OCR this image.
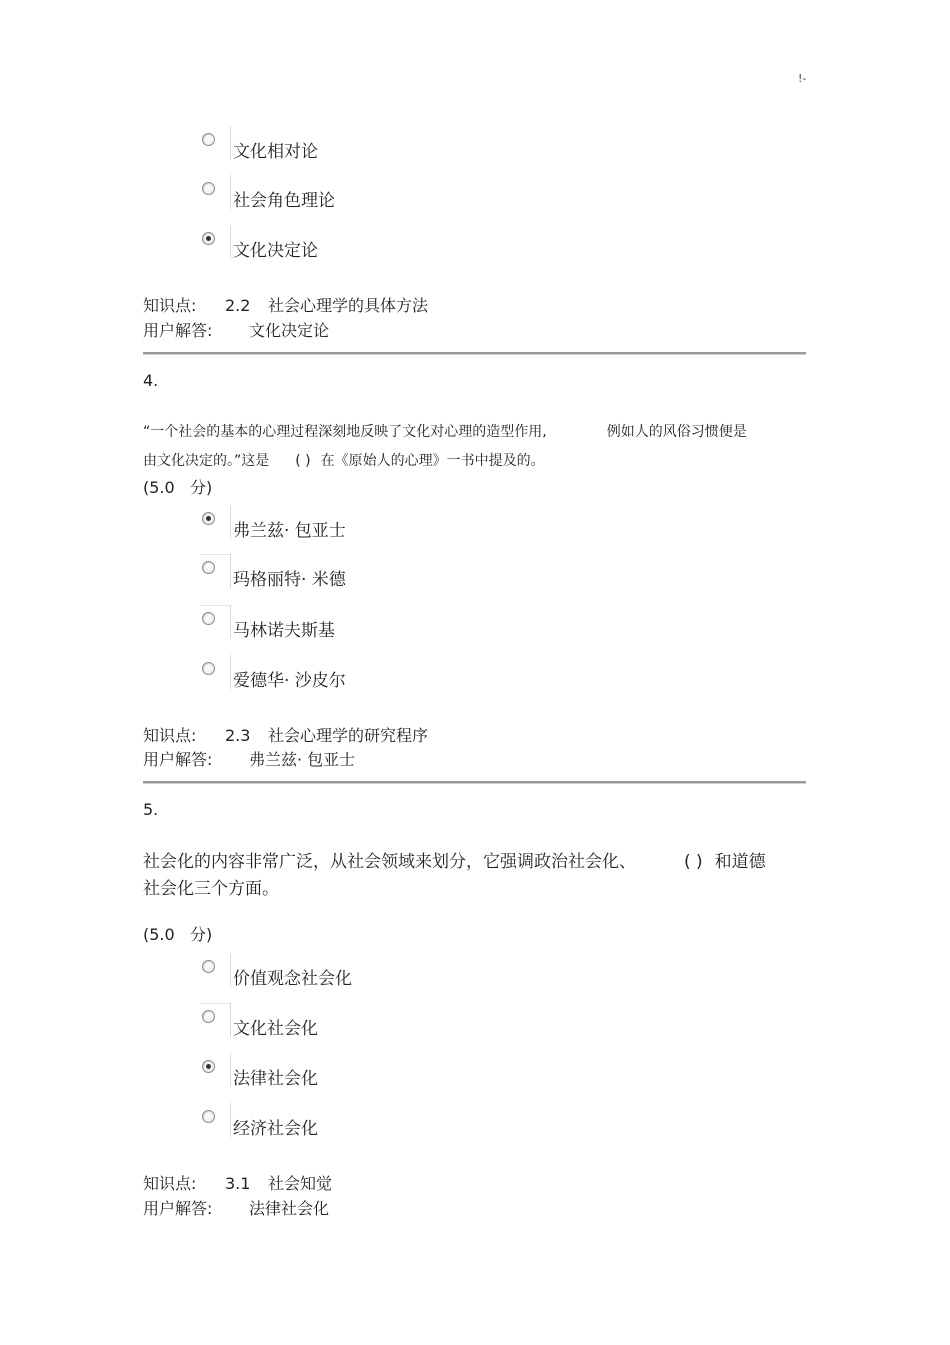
!-
文化相对论
社会角色理论
文化决定论
知识点: 2.2 社会心理学的具体方法
用户解答: 文化决定论
4.
“一个社会的基本的心理过程深刻地反映了文化对心理的造型作用,	例如人的风俗习惯便是
由文化决定的。”这是 ( ) 在《原始人的心理》一书中提及的。
(5.0   分)
弗兰兹· 包亚士
玛格丽特· 米德
马林诺夫斯基
爱德华· 沙皮尔
知识点: 2.3 社会心理学的研究程序
用户解答: 弗兰兹· 包亚士
5.
社会化的内容非常广泛，从社会领域来划分，它强调政治社会化、	( ) 和道德
社会化三个方面。
(5.0   分)
价值观念社会化
文化社会化
法律社会化
经济社会化
知识点: 3.1 社会知觉
用户解答: 法律社会化
